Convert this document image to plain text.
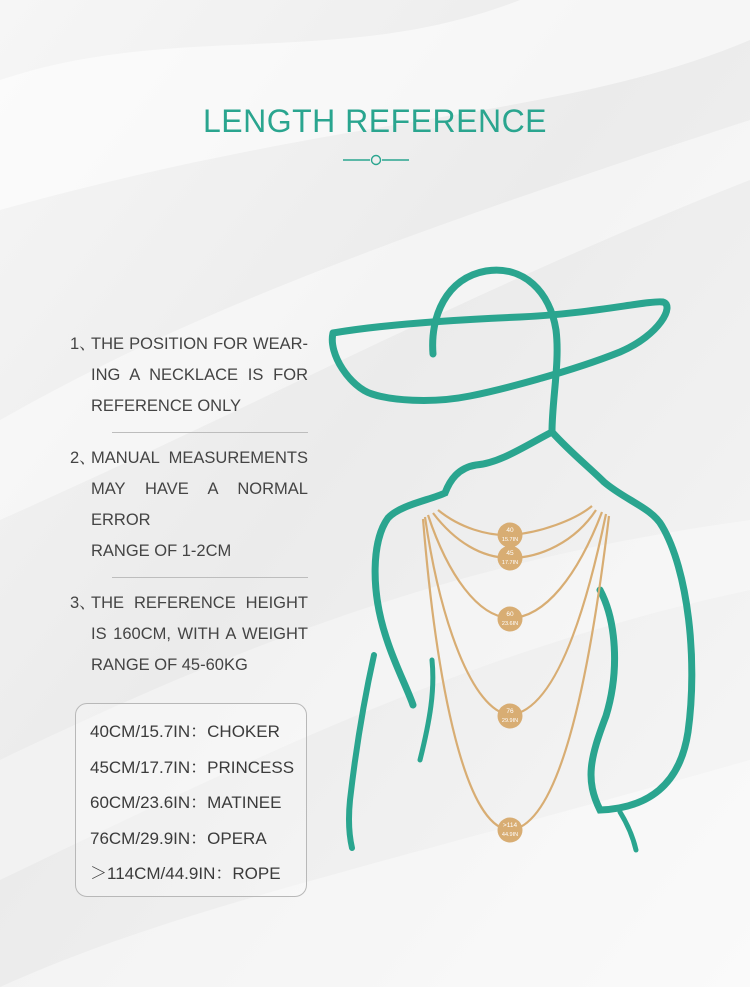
LENGTH REFERENCE
1、
THE POSITION FOR WEAR-
ING A NECKLACE IS FOR
REFERENCE ONLY
2、
MANUAL MEASUREMENTS
MAY HAVE A NORMAL ERROR
RANGE OF 1-2CM
3、
THE REFERENCE HEIGHT
IS 160CM, WITH A WEIGHT
RANGE OF 45-60KG
40CM/15.7IN：CHOKER
45CM/17.7IN：PRINCESS
60CM/23.6IN：MATINEE
76CM/29.9IN：OPERA
＞114CM/44.9IN：ROPE
40
15.7IN
45
17.7IN
60
23.6IN
76
29.9IN
>114
44.9IN
